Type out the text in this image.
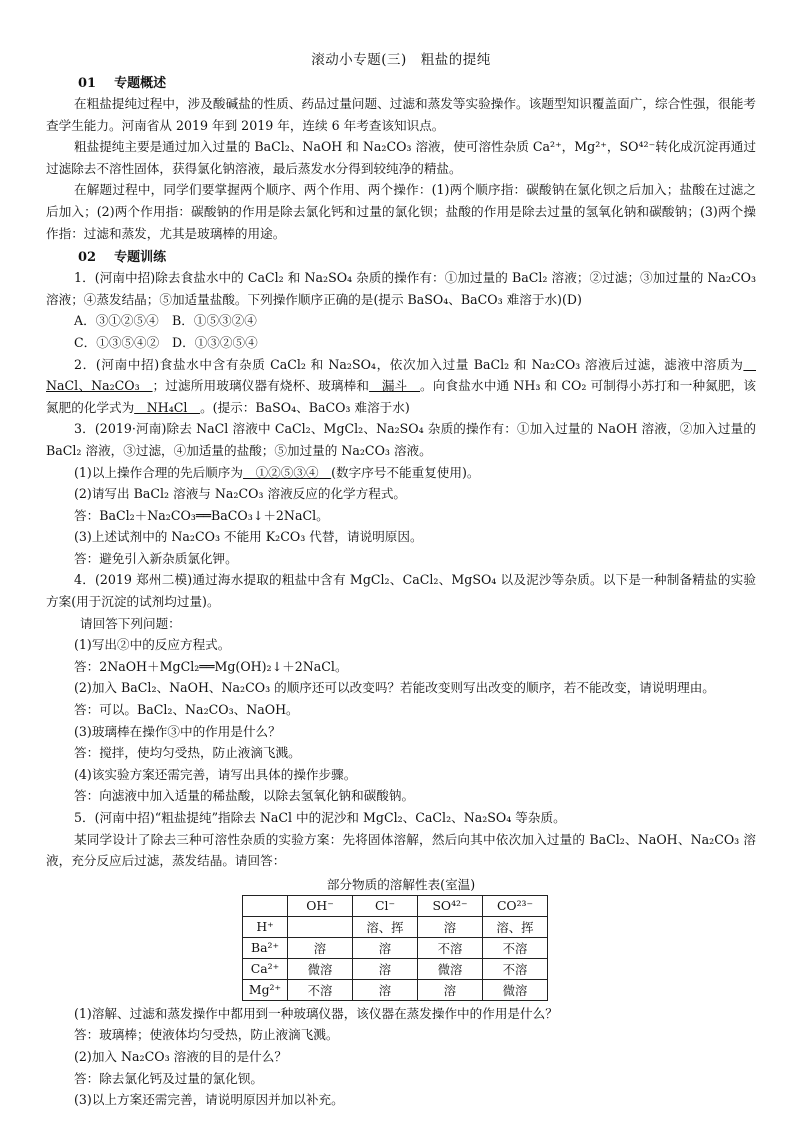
滚动小专题(三)　粗盐的提纯
01 专题概述

在粗盐提纯过程中，涉及酸碱盐的性质、药品过量问题、过滤和蒸发等实验操作。该题型知识覆盖面广，综合性强，很能考查学生能力。河南省从 2019 年到 2019 年，连续 6 年考查该知识点。

粗盐提纯主要是通过加入过量的 BaCl₂、NaOH 和 Na₂CO₃ 溶液，使可溶性杂质 Ca²⁺，Mg²⁺，SO⁴²⁻转化成沉淀再通过过滤除去不溶性固体，获得氯化钠溶液，最后蒸发水分得到较纯净的精盐。

在解题过程中，同学们要掌握两个顺序、两个作用、两个操作：(1)两个顺序指：碳酸钠在氯化钡之后加入；盐酸在过滤之后加入；(2)两个作用指：碳酸钠的作用是除去氯化钙和过量的氯化钡；盐酸的作用是除去过量的氢氧化钠和碳酸钠；(3)两个操作指：过滤和蒸发，尤其是玻璃棒的用途。

02 专题训练

1．(河南中招)除去食盐水中的 CaCl₂ 和 Na₂SO₄ 杂质的操作有：①加过量的 BaCl₂ 溶液；②过滤；③加过量的 Na₂CO₃ 溶液；④蒸发结晶；⑤加适量盐酸。下列操作顺序正确的是(提示 BaSO₄、BaCO₃ 难溶于水)(D)

A．③①②⑤④ B．①⑤③②④

C．①③⑤④② D．①③②⑤④

2．(河南中招)食盐水中含有杂质 CaCl₂ 和 Na₂SO₄，依次加入过量 BaCl₂ 和 Na₂CO₃ 溶液后过滤，滤液中溶质为　NaCl、Na₂CO₃　；过滤所用玻璃仪器有烧杯、玻璃棒和　漏斗　。向食盐水中通 NH₃ 和 CO₂ 可制得小苏打和一种氮肥，该氮肥的化学式为　NH₄Cl　。(提示：BaSO₄、BaCO₃ 难溶于水)

3．(2019·河南)除去 NaCl 溶液中 CaCl₂、MgCl₂、Na₂SO₄ 杂质的操作有：①加入过量的 NaOH 溶液，②加入过量的 BaCl₂ 溶液，③过滤，④加适量的盐酸；⑤加过量的 Na₂CO₃ 溶液。

(1)以上操作合理的先后顺序为　①②⑤③④　(数字序号不能重复使用)。

(2)请写出 BaCl₂ 溶液与 Na₂CO₃ 溶液反应的化学方程式。

答：BaCl₂＋Na₂CO₃══BaCO₃↓＋2NaCl。

(3)上述试剂中的 Na₂CO₃ 不能用 K₂CO₃ 代替，请说明原因。

答：避免引入新杂质氯化钾。

4．(2019 郑州二模)通过海水提取的粗盐中含有 MgCl₂、CaCl₂、MgSO₄ 以及泥沙等杂质。以下是一种制备精盐的实验方案(用于沉淀的试剂均过量)。

请回答下列问题：

(1)写出②中的反应方程式。

答：2NaOH＋MgCl₂══Mg(OH)₂↓＋2NaCl。

(2)加入 BaCl₂、NaOH、Na₂CO₃ 的顺序还可以改变吗？若能改变则写出改变的顺序，若不能改变，请说明理由。

答：可以。BaCl₂、Na₂CO₃、NaOH。

(3)玻璃棒在操作③中的作用是什么？

答：搅拌，使均匀受热，防止液滴飞溅。

(4)该实验方案还需完善，请写出具体的操作步骤。

答：向滤液中加入适量的稀盐酸，以除去氢氧化钠和碳酸钠。

5．(河南中招)“粗盐提纯”指除去 NaCl 中的泥沙和 MgCl₂、CaCl₂、Na₂SO₄ 等杂质。

某同学设计了除去三种可溶性杂质的实验方案：先将固体溶解，然后向其中依次加入过量的 BaCl₂、NaOH、Na₂CO₃ 溶液，充分反应后过滤，蒸发结晶。请回答：

部分物质的溶解性表(室温)
	OH⁻	Cl⁻	SO⁴²⁻	CO²³⁻
H⁺		溶、挥	溶	溶、挥
Ba²⁺	溶	溶	不溶	不溶
Ca²⁺	微溶	溶	微溶	不溶
Mg²⁺	不溶	溶	溶	微溶

(1)溶解、过滤和蒸发操作中都用到一种玻璃仪器，该仪器在蒸发操作中的作用是什么？

答：玻璃棒；使液体均匀受热，防止液滴飞溅。

(2)加入 Na₂CO₃ 溶液的目的是什么？

答：除去氯化钙及过量的氯化钡。

(3)以上方案还需完善，请说明原因并加以补充。
